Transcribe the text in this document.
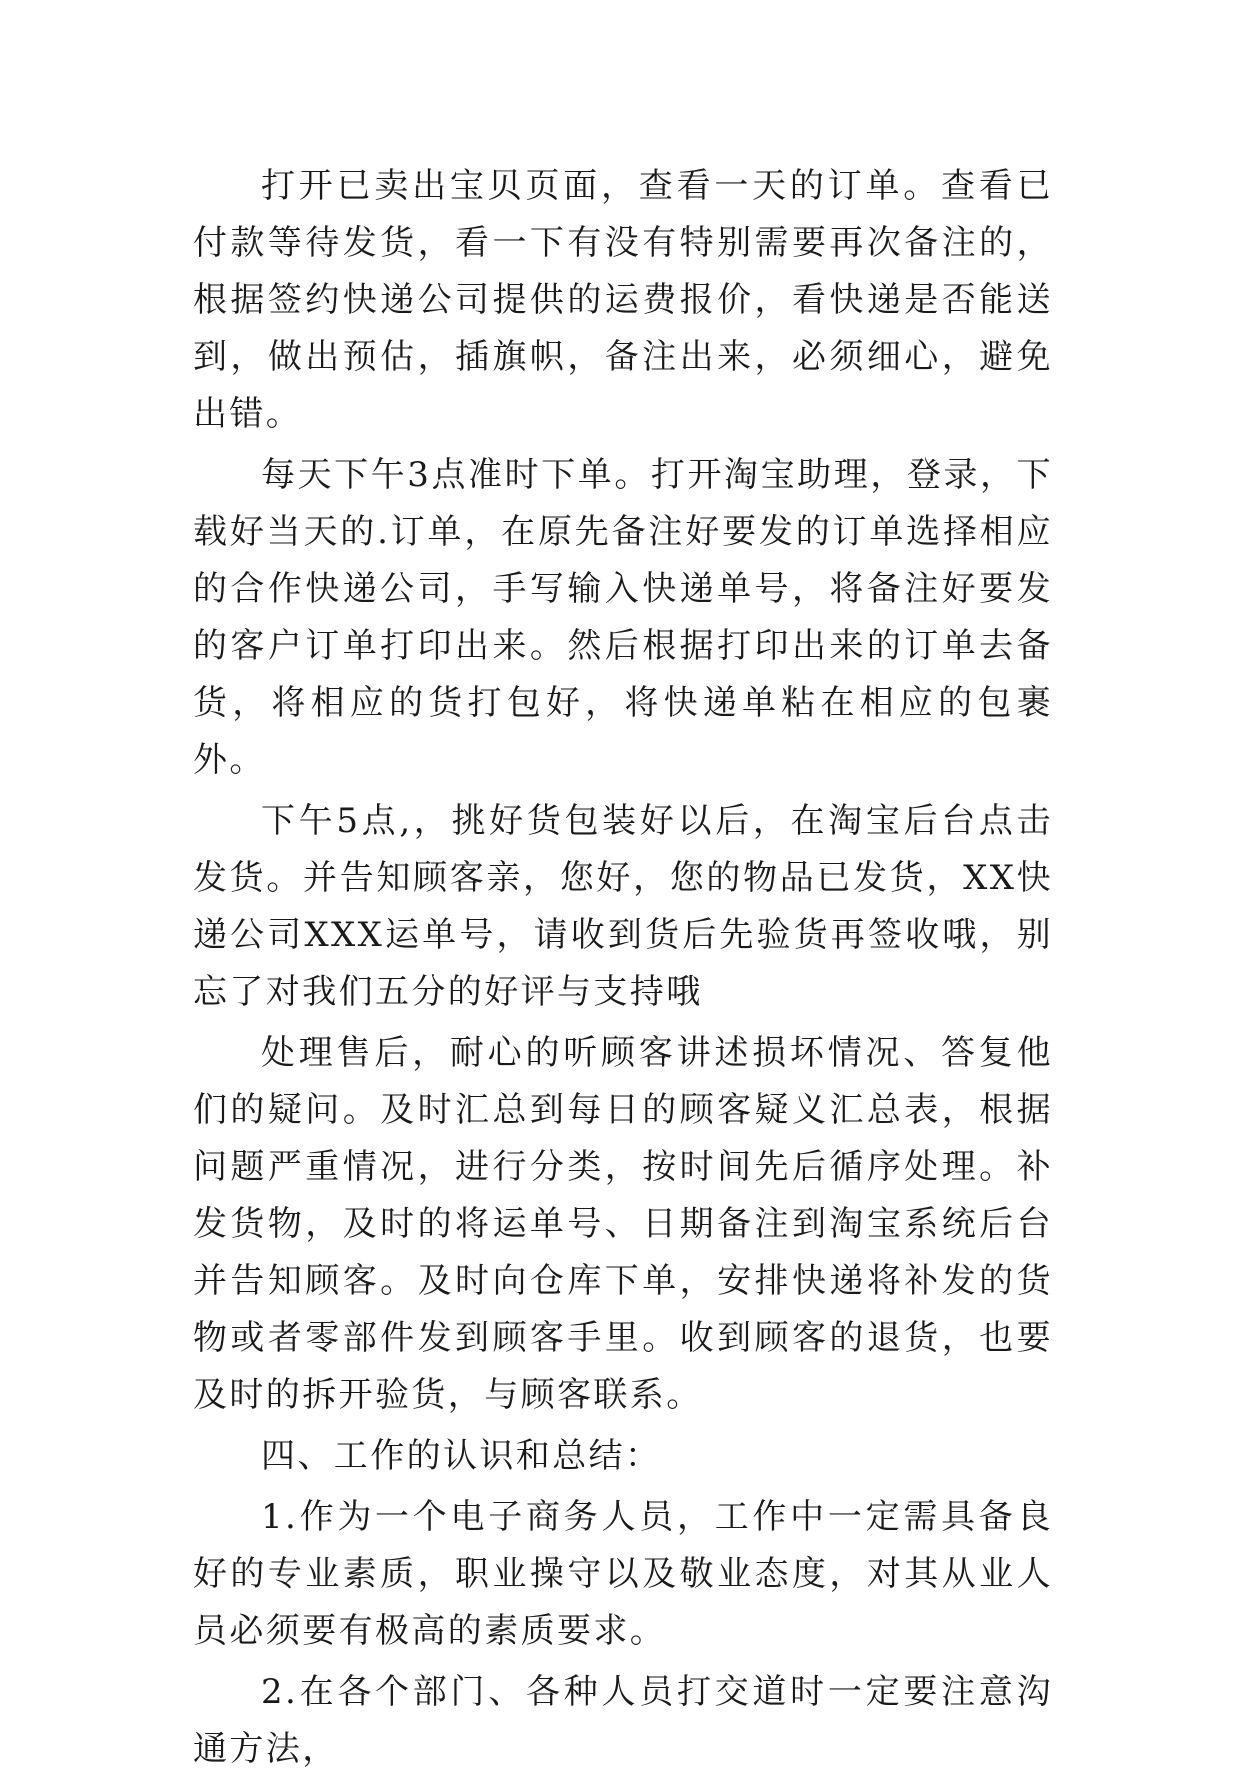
打开已卖出宝贝页面，查看一天的订单。查看已付款等待发货，看一下有没有特别需要再次备注的，根据签约快递公司提供的运费报价，看快递是否能送到，做出预估，插旗帜，备注出来，必须细心，避免出错。

每天下午3点准时下单。打开淘宝助理，登录，下载好当天的.订单，在原先备注好要发的订单选择相应的合作快递公司，手写输入快递单号，将备注好要发的客户订单打印出来。然后根据打印出来的订单去备货，将相应的货打包好，将快递单粘在相应的包裹外。

下午5点,，挑好货包装好以后，在淘宝后台点击发货。并告知顾客亲，您好，您的物品已发货，XX快递公司XXX运单号，请收到货后先验货再签收哦，别忘了对我们五分的好评与支持哦

处理售后，耐心的听顾客讲述损坏情况、答复他们的疑问。及时汇总到每日的顾客疑义汇总表，根据问题严重情况，进行分类，按时间先后循序处理。补发货物，及时的将运单号、日期备注到淘宝系统后台并告知顾客。及时向仓库下单，安排快递将补发的货物或者零部件发到顾客手里。收到顾客的退货，也要及时的拆开验货，与顾客联系。

四、工作的认识和总结：

1.作为一个电子商务人员，工作中一定需具备良好的专业素质，职业操守以及敬业态度，对其从业人员必须要有极高的素质要求。

2.在各个部门、各种人员打交道时一定要注意沟通方法，
